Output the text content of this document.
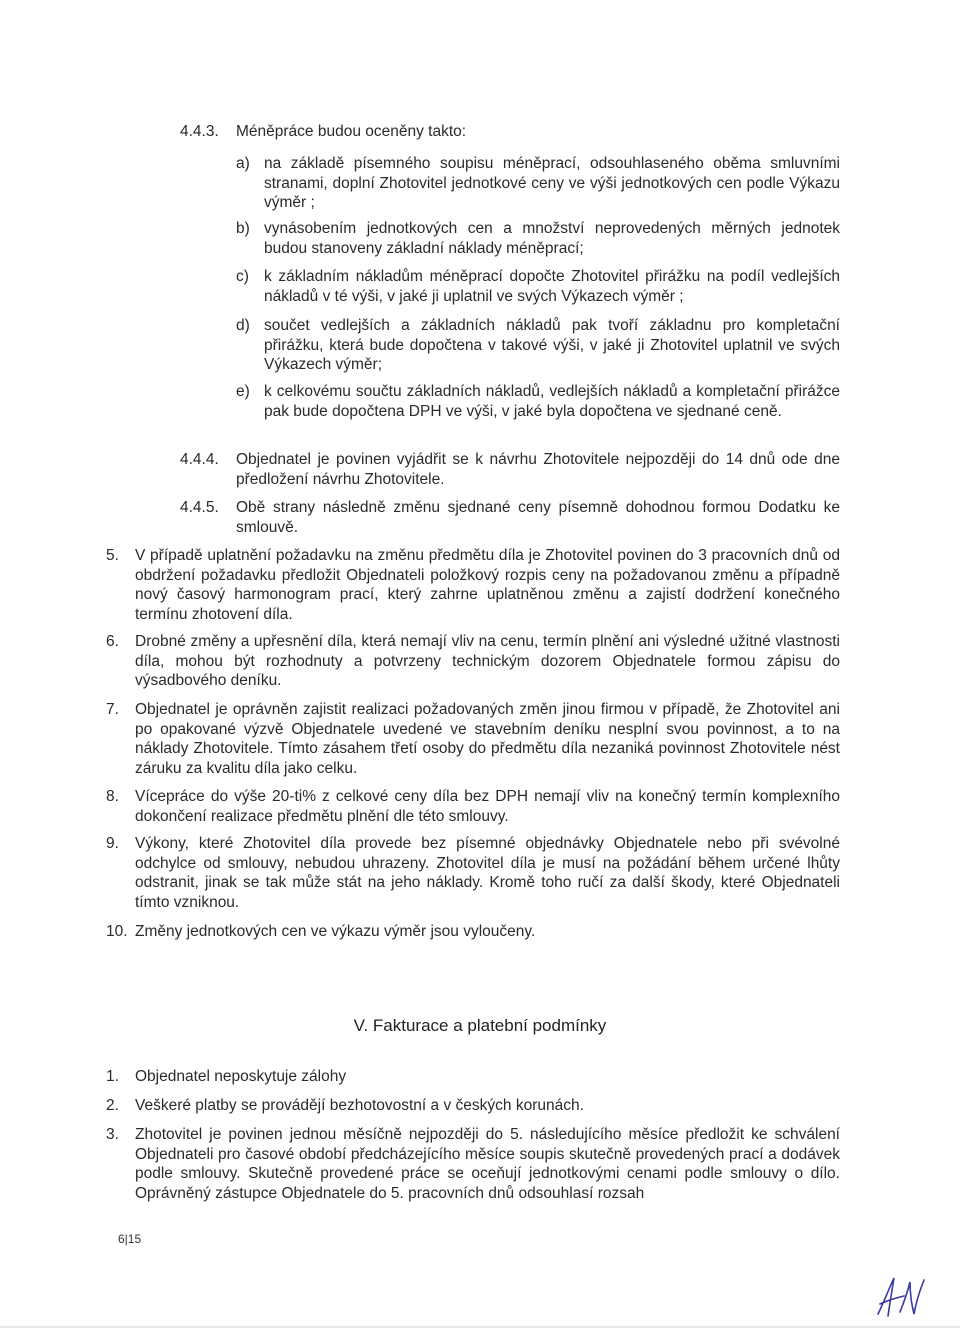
4.4.3. Méněpráce budou oceněny takto:
a) na základě písemného soupisu méněprací, odsouhlaseného oběma smluvními stranami, doplní Zhotovitel jednotkové ceny ve výši jednotkových cen podle Výkazu výměr ;
b) vynásobením jednotkových cen a množství neprovedených měrných jednotek budou stanoveny základní náklady méněprací;
c) k základním nákladům méněprací dopočte Zhotovitel přirážku na podíl vedlejších nákladů v té výši, v jaké ji uplatnil ve svých Výkazech výměr ;
d) součet vedlejších a základních nákladů pak tvoří základnu pro kompletační přirážku, která bude dopočtena v takové výši, v jaké ji Zhotovitel uplatnil ve svých Výkazech výměr;
e) k celkovému součtu základních nákladů, vedlejších nákladů a kompletační přirážce pak bude dopočtena DPH ve výši, v jaké byla dopočtena ve sjednané ceně.
4.4.4. Objednatel je povinen vyjádřit se k návrhu Zhotovitele nejpozději do 14 dnů ode dne předložení návrhu Zhotovitele.
4.4.5. Obě strany následně změnu sjednané ceny písemně dohodnou formou Dodatku ke smlouvě.
5. V případě uplatnění požadavku na změnu předmětu díla je Zhotovitel povinen do 3 pracovních dnů od obdržení požadavku předložit Objednateli položkový rozpis ceny na požadovanou změnu a případně nový časový harmonogram prací, který zahrne uplatněnou změnu a zajistí dodržení konečného termínu zhotovení díla.
6. Drobné změny a upřesnění díla, která nemají vliv na cenu, termín plnění ani výsledné užitné vlastnosti díla, mohou být rozhodnuty a potvrzeny technickým dozorem Objednatele formou zápisu do výsadbového deníku.
7. Objednatel je oprávněn zajistit realizaci požadovaných změn jinou firmou v případě, že Zhotovitel ani po opakované výzvě Objednatele uvedené ve stavebním deníku nesplní svou povinnost, a to na náklady Zhotovitele. Tímto zásahem třetí osoby do předmětu díla nezaniká povinnost Zhotovitele nést záruku za kvalitu díla jako celku.
8. Vícepráce do výše 20-ti% z celkové ceny díla bez DPH nemají vliv na konečný termín komplexního dokončení realizace předmětu plnění dle této smlouvy.
9. Výkony, které Zhotovitel díla provede bez písemné objednávky Objednatele nebo při svévolné odchylce od smlouvy, nebudou uhrazeny. Zhotovitel díla je musí na požádání během určené lhůty odstranit, jinak se tak může stát na jeho náklady. Kromě toho ručí za další škody, které Objednateli tímto vzniknou.
10. Změny jednotkových cen ve výkazu výměr jsou vyloučeny.
V. Fakturace a platební podmínky
1. Objednatel neposkytuje zálohy
2. Veškeré platby se provádějí bezhotovostní a v českých korunách.
3. Zhotovitel je povinen jednou měsíčně nejpozději do 5. následujícího měsíce předložit ke schválení Objednateli pro časové období předcházejícího měsíce soupis skutečně provedených prací a dodávek podle smlouvy. Skutečně provedené práce se oceňují jednotkovými cenami podle smlouvy o dílo. Oprávněný zástupce Objednatele do 5. pracovních dnů odsouhlasí rozsah
6|15
